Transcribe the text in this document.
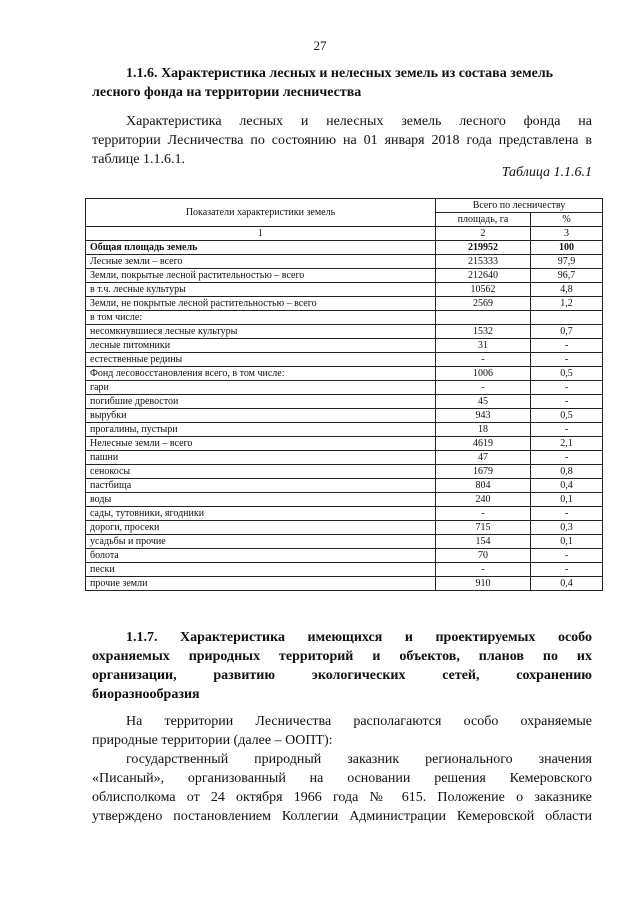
27
1.1.6. Характеристика лесных и нелесных земель из состава земель
лесного фонда на территории лесничества
Характеристика лесных и нелесных земель лесного фонда на
территории Лесничества по состоянию на 01 января 2018 года представлена в
таблице 1.1.6.1.
Таблица 1.1.6.1
Показатели характеристики земель	Всего по лесничеству	
	площадь, га	%
1	2	3
Общая площадь земель	219952	100
Лесные земли – всего	215333	97,9
Земли, покрытые лесной растительностью – всего	212640	96,7
в т.ч. лесные культуры	10562	4,8
Земли, не покрытые лесной растительностью – всего	2569	1,2
в том числе:		
несомкнувшиеся лесные культуры	1532	0,7
лесные питомники	31	-
естественные редины	-	-
Фонд лесовосстановления всего, в том числе:	1006	0,5
гари	-	-
погибшие древостои	45	-
вырубки	943	0,5
прогалины, пустыри	18	-
Нелесные земли – всего	4619	2,1
пашни	47	-
сенокосы	1679	0,8
пастбища	804	0,4
воды	240	0,1
сады, тутовники, ягодники	-	-
дороги, просеки	715	0,3
усадьбы и прочие	154	0,1
болота	70	-
пески	-	-
прочие земли	910	0,4
1.1.7. Характеристика имеющихся и проектируемых особо
охраняемых природных территорий и объектов, планов по их
организации, развитию экологических сетей, сохранению
биоразнообразия
На территории Лесничества располагаются особо охраняемые
природные территории (далее – ООПТ):
государственный природный заказник регионального значения
«Писаный», организованный на основании решения Кемеровского
облисполкома от 24 октября 1966 года № 615. Положение о заказнике
утверждено постановлением Коллегии Администрации Кемеровской области
